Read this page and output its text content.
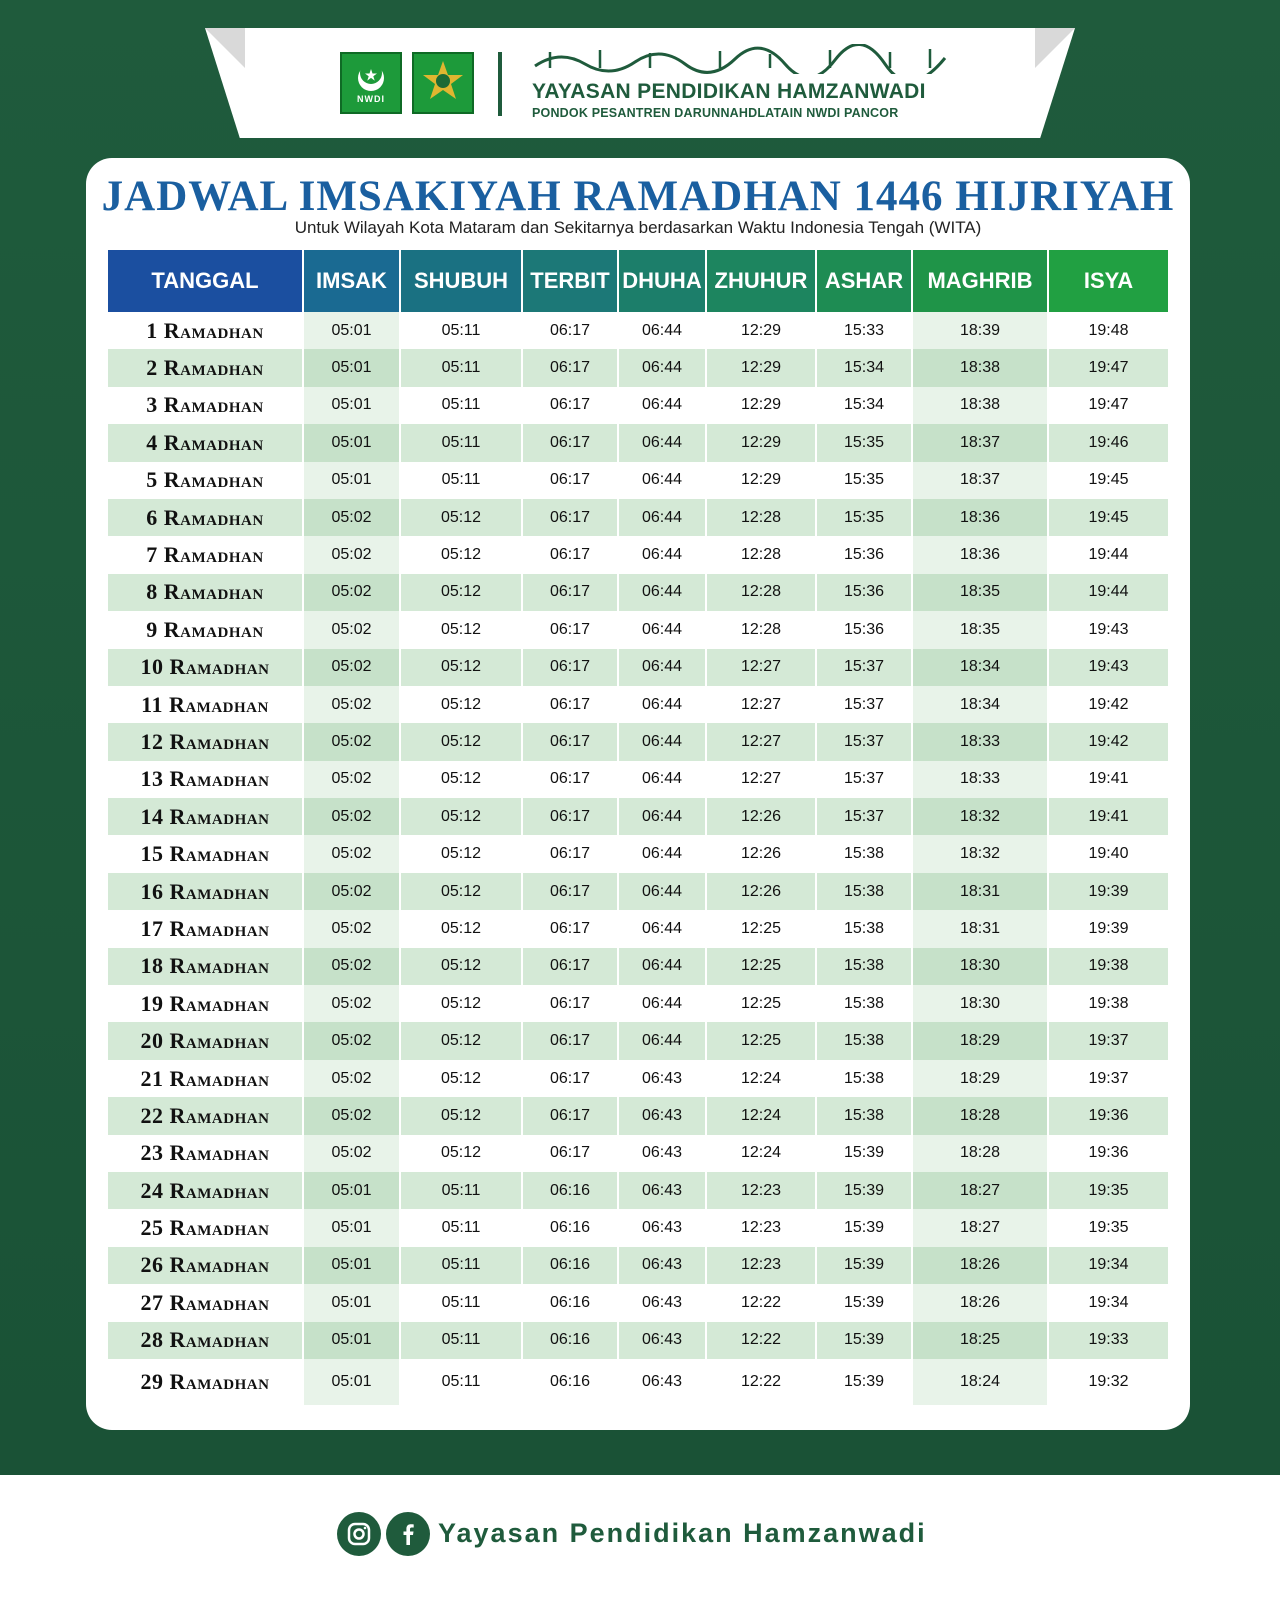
NWDI	YAYASAN PENDIDIKAN HAMZANWADI
PONDOK PESANTREN DARUNNAHDLATAIN NWDI PANCOR
JADWAL IMSAKIYAH RAMADHAN 1446 HIJRIYAH
Untuk Wilayah Kota Mataram dan Sekitarnya berdasarkan Waktu Indonesia Tengah (WITA)
TANGGAL	IMSAK	SHUBUH	TERBIT	DHUHA	ZHUHUR	ASHAR	MAGHRIB	ISYA
1 Ramadhan	05:01	05:11	06:17	06:44	12:29	15:33	18:39	19:48
2 Ramadhan	05:01	05:11	06:17	06:44	12:29	15:34	18:38	19:47
3 Ramadhan	05:01	05:11	06:17	06:44	12:29	15:34	18:38	19:47
4 Ramadhan	05:01	05:11	06:17	06:44	12:29	15:35	18:37	19:46
5 Ramadhan	05:01	05:11	06:17	06:44	12:29	15:35	18:37	19:45
6 Ramadhan	05:02	05:12	06:17	06:44	12:28	15:35	18:36	19:45
7 Ramadhan	05:02	05:12	06:17	06:44	12:28	15:36	18:36	19:44
8 Ramadhan	05:02	05:12	06:17	06:44	12:28	15:36	18:35	19:44
9 Ramadhan	05:02	05:12	06:17	06:44	12:28	15:36	18:35	19:43
10 Ramadhan	05:02	05:12	06:17	06:44	12:27	15:37	18:34	19:43
11 Ramadhan	05:02	05:12	06:17	06:44	12:27	15:37	18:34	19:42
12 Ramadhan	05:02	05:12	06:17	06:44	12:27	15:37	18:33	19:42
13 Ramadhan	05:02	05:12	06:17	06:44	12:27	15:37	18:33	19:41
14 Ramadhan	05:02	05:12	06:17	06:44	12:26	15:37	18:32	19:41
15 Ramadhan	05:02	05:12	06:17	06:44	12:26	15:38	18:32	19:40
16 Ramadhan	05:02	05:12	06:17	06:44	12:26	15:38	18:31	19:39
17 Ramadhan	05:02	05:12	06:17	06:44	12:25	15:38	18:31	19:39
18 Ramadhan	05:02	05:12	06:17	06:44	12:25	15:38	18:30	19:38
19 Ramadhan	05:02	05:12	06:17	06:44	12:25	15:38	18:30	19:38
20 Ramadhan	05:02	05:12	06:17	06:44	12:25	15:38	18:29	19:37
21 Ramadhan	05:02	05:12	06:17	06:43	12:24	15:38	18:29	19:37
22 Ramadhan	05:02	05:12	06:17	06:43	12:24	15:38	18:28	19:36
23 Ramadhan	05:02	05:12	06:17	06:43	12:24	15:39	18:28	19:36
24 Ramadhan	05:01	05:11	06:16	06:43	12:23	15:39	18:27	19:35
25 Ramadhan	05:01	05:11	06:16	06:43	12:23	15:39	18:27	19:35
26 Ramadhan	05:01	05:11	06:16	06:43	12:23	15:39	18:26	19:34
27 Ramadhan	05:01	05:11	06:16	06:43	12:22	15:39	18:26	19:34
28 Ramadhan	05:01	05:11	06:16	06:43	12:22	15:39	18:25	19:33
29 Ramadhan	05:01	05:11	06:16	06:43	12:22	15:39	18:24	19:32
Yayasan Pendidikan Hamzanwadi
